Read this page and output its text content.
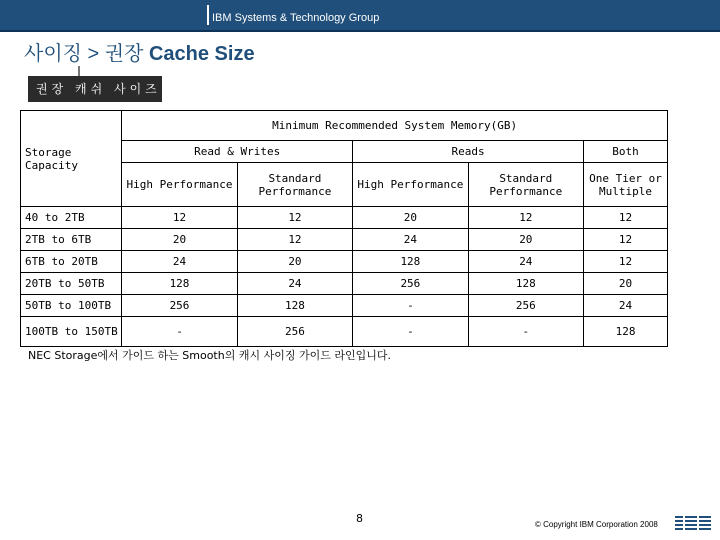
IBM Systems & Technology Group
사이징 > 권장 Cache Size
권장 캐쉬 사이즈
Storage Capacity	Minimum Recommended System Memory(GB)				
	Read & Writes		Reads		Both
	High Performance	Standard Performance	High Performance	Standard Performance	One Tier or Multiple
40 to 2TB	12	12	20	12	12
2TB to 6TB	20	12	24	20	12
6TB to 20TB	24	20	128	24	12
20TB to 50TB	128	24	256	128	20
50TB to 100TB	256	128	-	256	24
100TB to 150TB	-	256	-	-	128
NEC Storage에서 가이드 하는 Smooth의 캐시 사이징 가이드 라인입니다.
8	© Copyright IBM Corporation 2008
